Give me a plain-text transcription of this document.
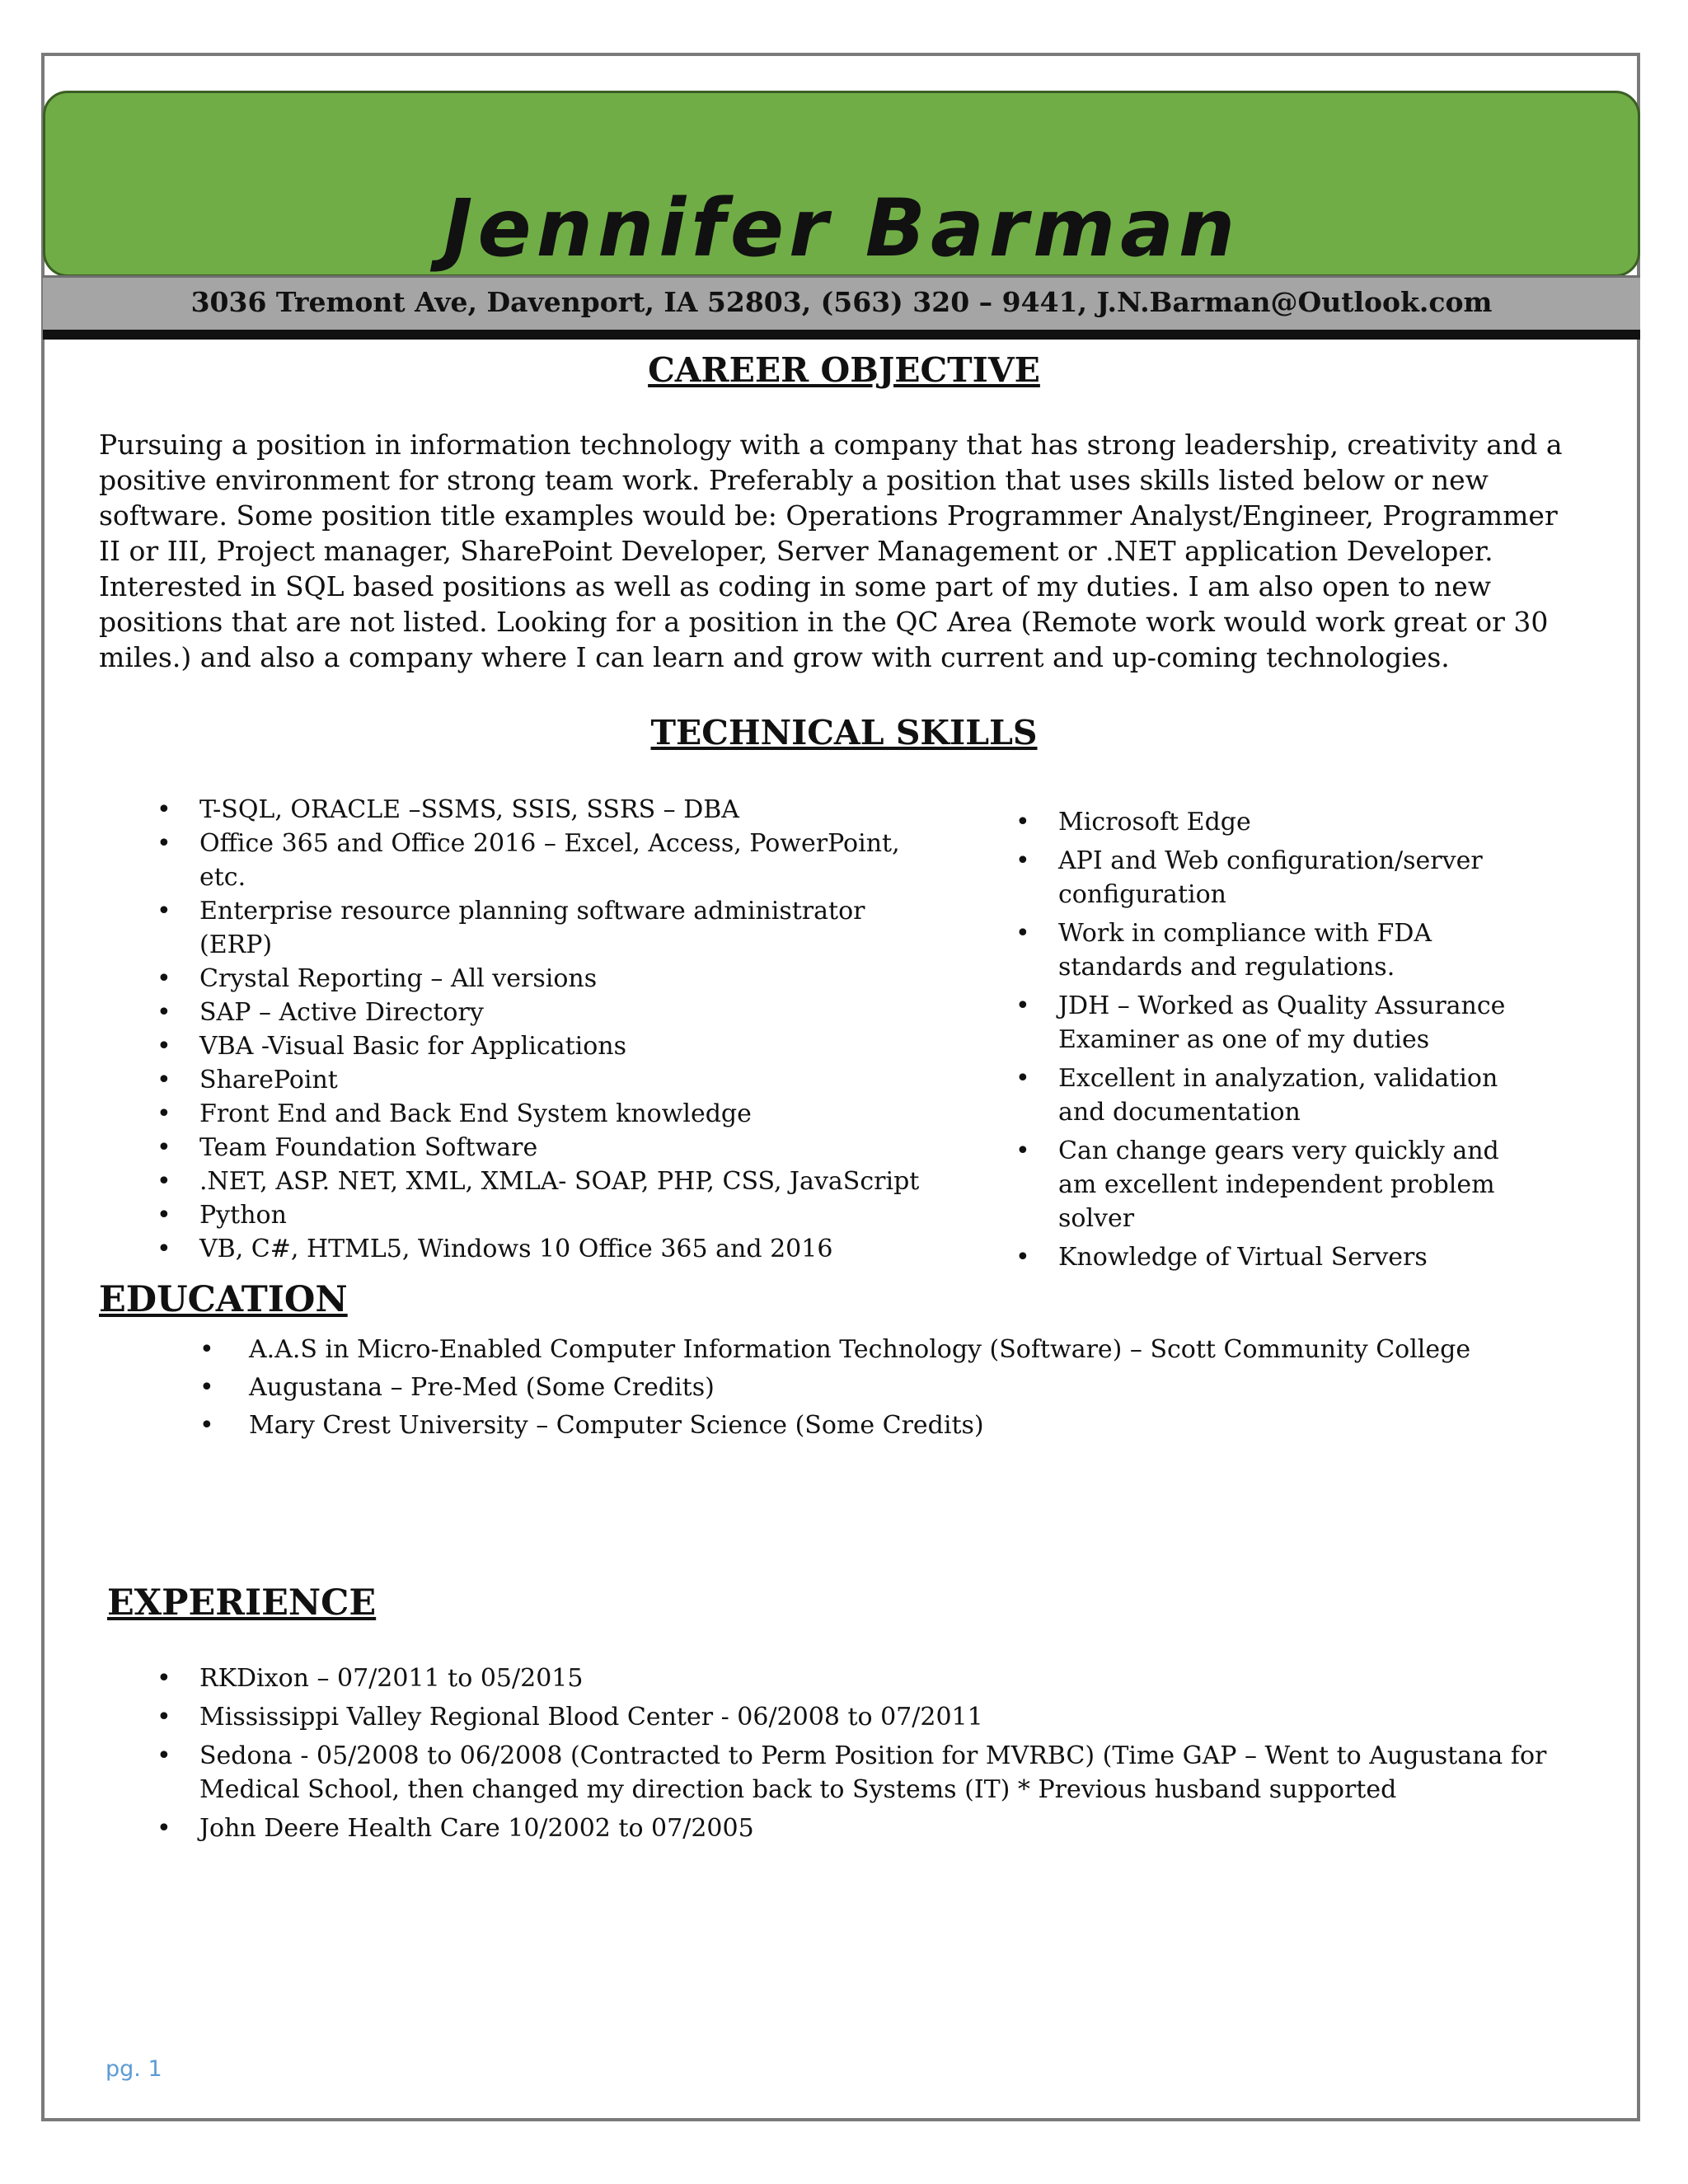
Jennifer Barman
3036 Tremont Ave, Davenport, IA 52803, (563) 320 – 9441, J.N.Barman@Outlook.com
CAREER OBJECTIVE
Pursuing a position in information technology with a company that has strong leadership, creativity and a positive environment for strong team work. Preferably a position that uses skills listed below or new software. Some position title examples would be: Operations Programmer Analyst/Engineer, Programmer II or III, Project manager, SharePoint Developer, Server Management or .NET application Developer. Interested in SQL based positions as well as coding in some part of my duties. I am also open to new positions that are not listed. Looking for a position in the QC Area (Remote work would work great or 30 miles.) and also a company where I can learn and grow with current and up-coming technologies.
TECHNICAL SKILLS
• T-SQL, ORACLE –SSMS, SSIS, SSRS – DBA
• Office 365 and Office 2016 – Excel, Access, PowerPoint, etc.
• Enterprise resource planning software administrator (ERP)
• Crystal Reporting – All versions
• SAP – Active Directory
• VBA -Visual Basic for Applications
• SharePoint
• Front End and Back End System knowledge
• Team Foundation Software
• .NET, ASP. NET, XML, XMLA- SOAP, PHP, CSS, JavaScript
• Python
• VB, C#, HTML5, Windows 10 Office 365 and 2016
• Microsoft Edge
• API and Web configuration/server configuration
• Work in compliance with FDA standards and regulations.
• JDH – Worked as Quality Assurance Examiner as one of my duties
• Excellent in analyzation, validation and documentation
• Can change gears very quickly and am excellent independent problem solver
• Knowledge of Virtual Servers
EDUCATION
• A.A.S in Micro-Enabled Computer Information Technology (Software) – Scott Community College
• Augustana – Pre-Med (Some Credits)
• Mary Crest University – Computer Science (Some Credits)
EXPERIENCE
• RKDixon – 07/2011 to 05/2015
• Mississippi Valley Regional Blood Center - 06/2008 to 07/2011
• Sedona - 05/2008 to 06/2008 (Contracted to Perm Position for MVRBC) (Time GAP – Went to Augustana for Medical School, then changed my direction back to Systems (IT) * Previous husband supported
• John Deere Health Care 10/2002 to 07/2005
pg. 1
